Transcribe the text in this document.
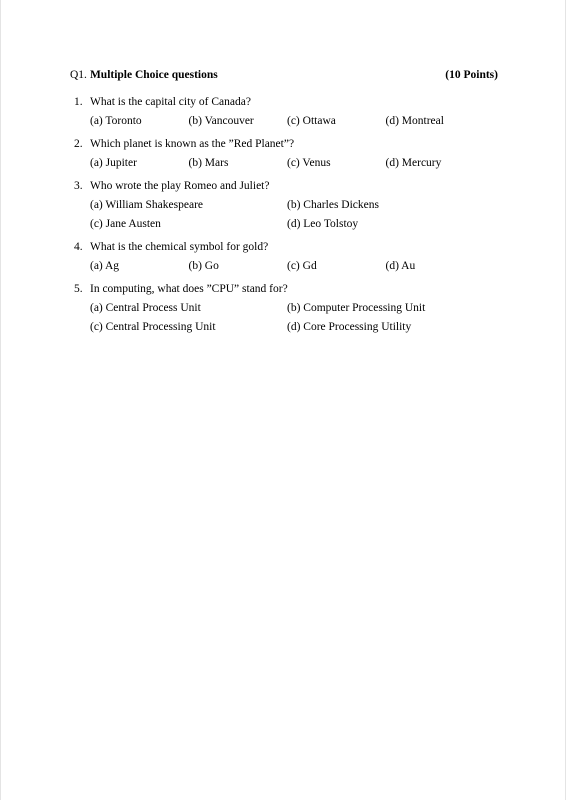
Q1. Multiple Choice questions	(10 Points)
1. What is the capital city of Canada?
(a) Toronto	(b) Vancouver	(c) Ottawa	(d) Montreal
2. Which planet is known as the ”Red Planet”?
(a) Jupiter	(b) Mars	(c) Venus	(d) Mercury
3. Who wrote the play Romeo and Juliet?
(a) William Shakespeare	(b) Charles Dickens
(c) Jane Austen	(d) Leo Tolstoy
4. What is the chemical symbol for gold?
(a) Ag	(b) Go	(c) Gd	(d) Au
5. In computing, what does ”CPU” stand for?
(a) Central Process Unit	(b) Computer Processing Unit
(c) Central Processing Unit	(d) Core Processing Utility
